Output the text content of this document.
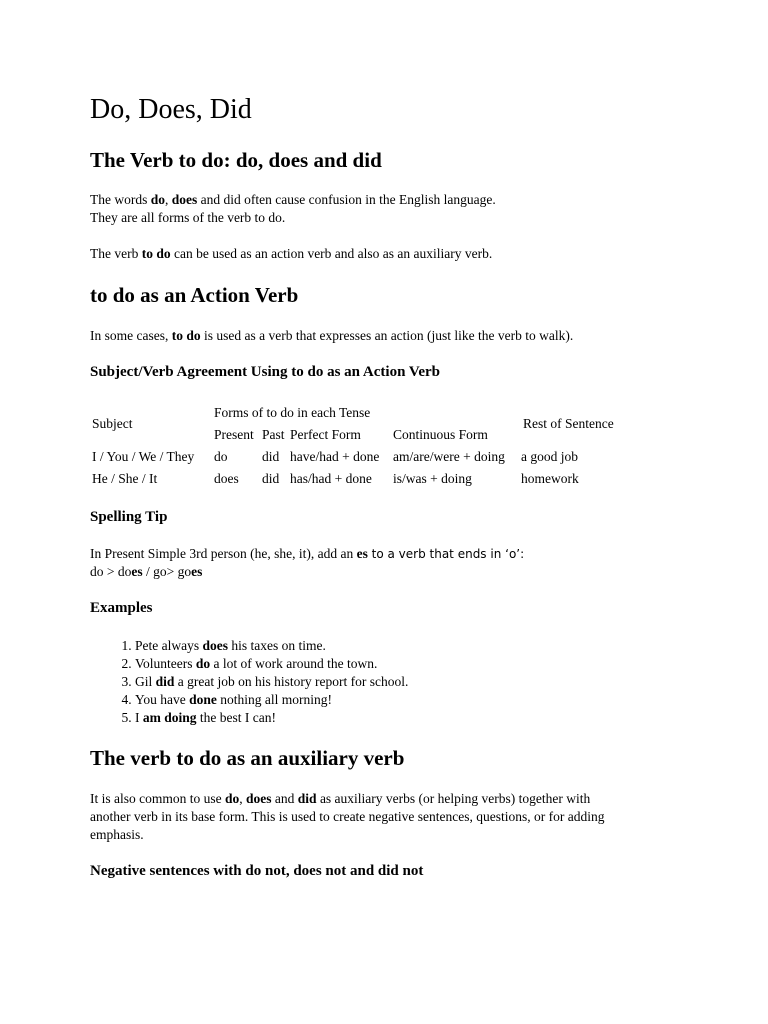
Do, Does, Did
The Verb to do: do, does and did

The words do, does and did often cause confusion in the English language.
They are all forms of the verb to do.

The verb to do can be used as an action verb and also as an auxiliary verb.

to do as an Action Verb

In some cases, to do is used as a verb that expresses an action (just like the verb to walk).

Subject/Verb Agreement Using to do as an Action Verb
Subject	Forms of to do in each Tense				Rest of Sentence
	Present	Past	Perfect Form	Continuous Form	
I / You / We / They	do	did	have/had + done	am/are/were + doing	a good job
He / She / It	does	did	has/had + done	is/was + doing	homework
Spelling Tip

In Present Simple 3rd person (he, she, it), add an es to a verb that ends in ‘o’:
do > does / go> goes

Examples
1. Pete always does his taxes on time.
2. Volunteers do a lot of work around the town.
3. Gil did a great job on his history report for school.
4. You have done nothing all morning!
5. I am doing the best I can!
The verb to do as an auxiliary verb

It is also common to use do, does and did as auxiliary verbs (or helping verbs) together with
another verb in its base form. This is used to create negative sentences, questions, or for adding
emphasis.

Negative sentences with do not, does not and did not
